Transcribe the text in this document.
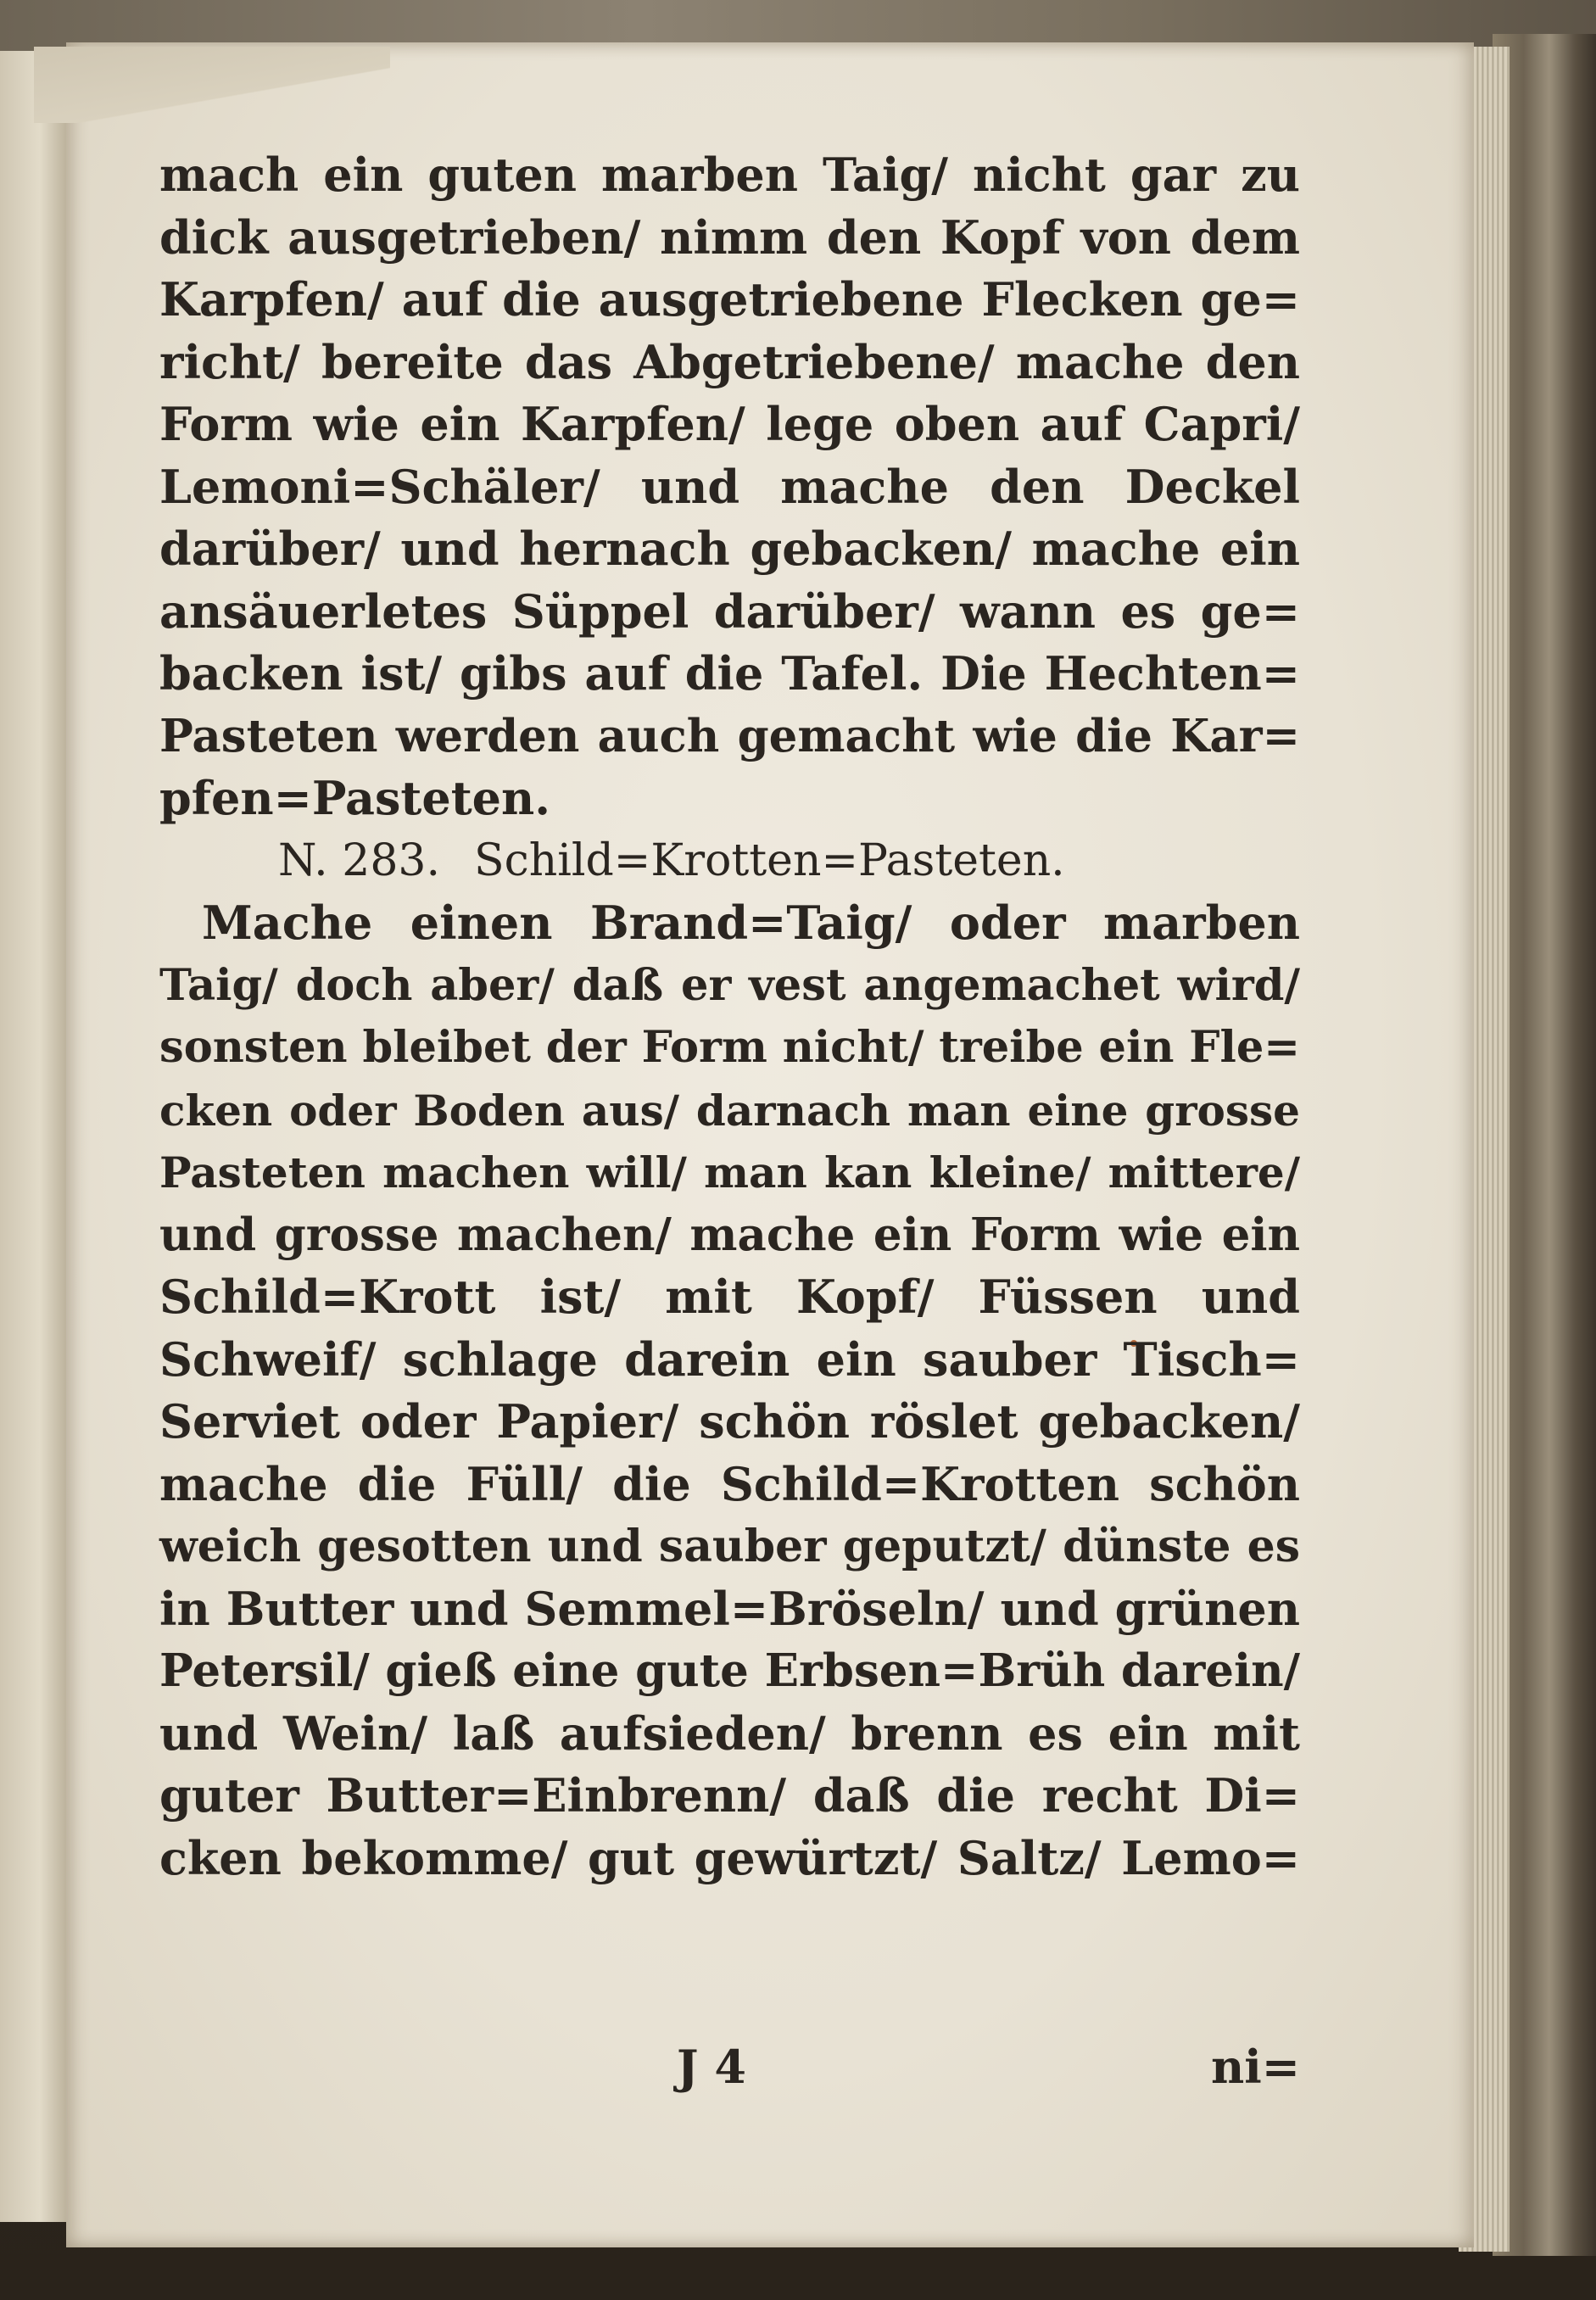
mach ein guten marben Taig/ nicht gar zu
dick ausgetrieben/ nimm den Kopf von dem
Karpfen/ auf die ausgetriebene Flecken ge=
richt/ bereite das Abgetriebene/ mache den
Form wie ein Karpfen/ lege oben auf Capri/
Lemoni=Schäler/ und mache den Deckel
darüber/ und hernach gebacken/ mache ein
ansäuerletes Süppel darüber/ wann es ge=
backen ist/ gibs auf die Tafel. Die Hechten=
Pasteten werden auch gemacht wie die Kar=
pfen=Pasteten.
N. 283. Schild=Krotten=Pasteten.
Mache einen Brand=Taig/ oder marben
Taig/ doch aber/ daß er vest angemachet wird/
sonsten bleibet der Form nicht/ treibe ein Fle=
cken oder Boden aus/ darnach man eine grosse
Pasteten machen will/ man kan kleine/ mittere/
und grosse machen/ mache ein Form wie ein
Schild=Krott ist/ mit Kopf/ Füssen und
Schweif/ schlage darein ein sauber Tisch=
Serviet oder Papier/ schön röslet gebacken/
mache die Füll/ die Schild=Krotten schön
weich gesotten und sauber geputzt/ dünste es
in Butter und Semmel=Bröseln/ und grünen
Petersil/ gieß eine gute Erbsen=Brüh darein/
und Wein/ laß aufsieden/ brenn es ein mit
guter Butter=Einbrenn/ daß die recht Di=
cken bekomme/ gut gewürtzt/ Saltz/ Lemo=
J 4	ni=
